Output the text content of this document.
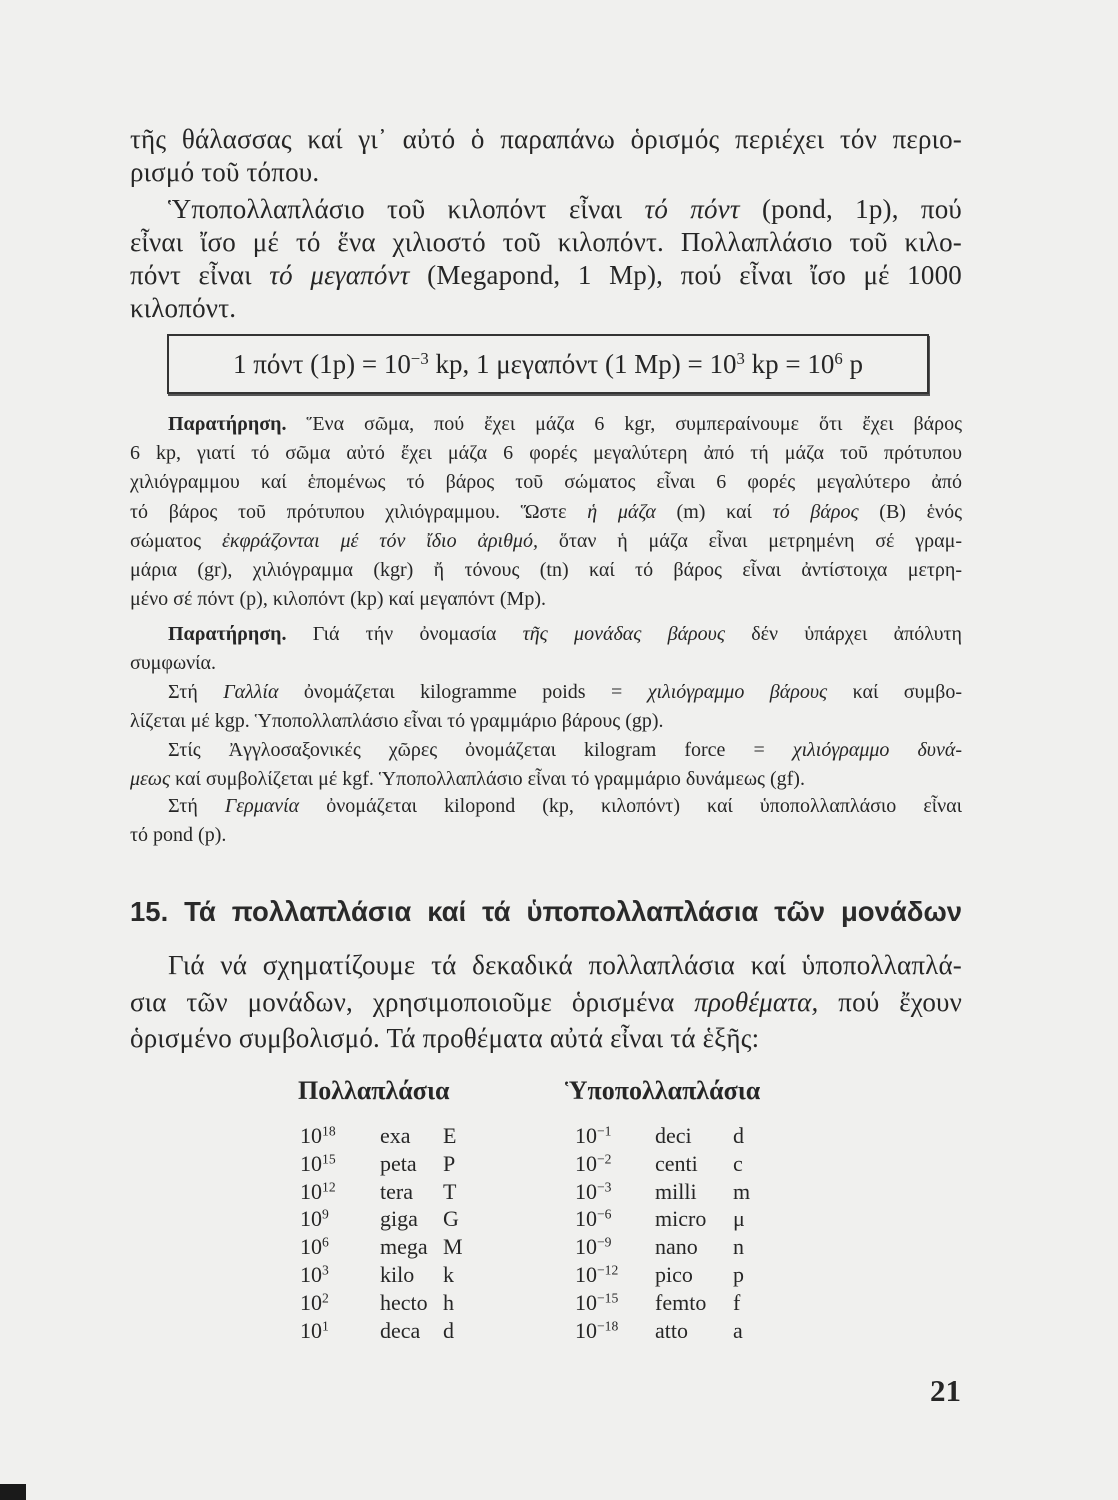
1 πόντ $(1p) = 10^{-3}$ kp, 1 μεγαπόντ (1 $Mp) = 10^3$ kp = $10^6$ p
15. Τά πολλαπλάσια καί τά ὑποπολλαπλάσια τῶν μονάδων
Πολλαπλάσια	Ὑποπολλαπλάσια
$10^{18}$ exa E	$10^{-1}$ deci d
$10^{15}$ peta P	$10^{-2}$ centi c
$10^{12}$ tera T	$10^{-3}$ milli m
$10^9$ giga G	$10^{-6}$ micro μ
$10^6$ mega M	$10^{-9}$ nano n
$10^3$ kilo k	$10^{-12}$ pico p
$10^2$ hecto h	$10^{-15}$ femto f
$10^1$ deca d	$10^{-18}$ atto a
21
τῆς θάλασσας καί γι᾽ αὐτό ὁ παραπάνω ὁρισμός περιέχει τόν περιο-
ρισμό τοῦ τόπου.
Ὑποπολλαπλάσιο τοῦ κιλοπόντ εἶναι τό πόντ (pond, 1p), πού
εἶναι ἴσο μέ τό ἕνα χιλιοστό τοῦ κιλοπόντ. Πολλαπλάσιο τοῦ κιλο-
πόντ εἶναι τό μεγαπόντ (Megapond, 1 Mp), πού εἶναι ἴσο μέ 1000
κιλοπόντ.
Παρατήρηση. Ἕνα σῶμα, πού ἔχει μάζα 6 kgr, συμπεραίνουμε ὅτι ἔχει βάρος
6 kp, γιατί τό σῶμα αὐτό ἔχει μάζα 6 φορές μεγαλύτερη ἀπό τή μάζα τοῦ πρότυπου
χιλιόγραμμου καί ἑπομένως τό βάρος τοῦ σώματος εἶναι 6 φορές μεγαλύτερο ἀπό
τό βάρος τοῦ πρότυπου χιλιόγραμμου. Ὥστε ἡ μάζα (m) καί τό βάρος (B) ἑνός
σώματος ἐκφράζονται μέ τόν ἴδιο ἀριθμό, ὅταν ἡ μάζα εἶναι μετρημένη σέ γραμ-
μάρια (gr), χιλιόγραμμα (kgr) ἤ τόνους (tn) καί τό βάρος εἶναι ἀντίστοιχα μετρη-
μένο σέ πόντ (p), κιλοπόντ (kp) καί μεγαπόντ (Mp).
Παρατήρηση. Γιά τήν ὀνομασία τῆς μονάδας βάρους δέν ὑπάρχει ἀπόλυτη
συμφωνία.
Στή Γαλλία ὀνομάζεται kilogramme poids = χιλιόγραμμο βάρους καί συμβο-
λίζεται μέ kgp. Ὑποπολλαπλάσιο εἶναι τό γραμμάριο βάρους (gp).
Στίς Ἀγγλοσαξονικές χῶρες ὀνομάζεται kilogram force = χιλιόγραμμο δυνά-
μεως καί συμβολίζεται μέ kgf. Ὑποπολλαπλάσιο εἶναι τό γραμμάριο δυνάμεως (gf).
Στή Γερμανία ὀνομάζεται kilopond (kp, κιλοπόντ) καί ὑποπολλαπλάσιο εἶναι
τό pond (p).
Γιά νά σχηματίζουμε τά δεκαδικά πολλαπλάσια καί ὑποπολλαπλά-
σια τῶν μονάδων, χρησιμοποιοῦμε ὁρισμένα προθέματα, πού ἔχουν
ὁρισμένο συμβολισμό. Τά προθέματα αὐτά εἶναι τά ἑξῆς:
